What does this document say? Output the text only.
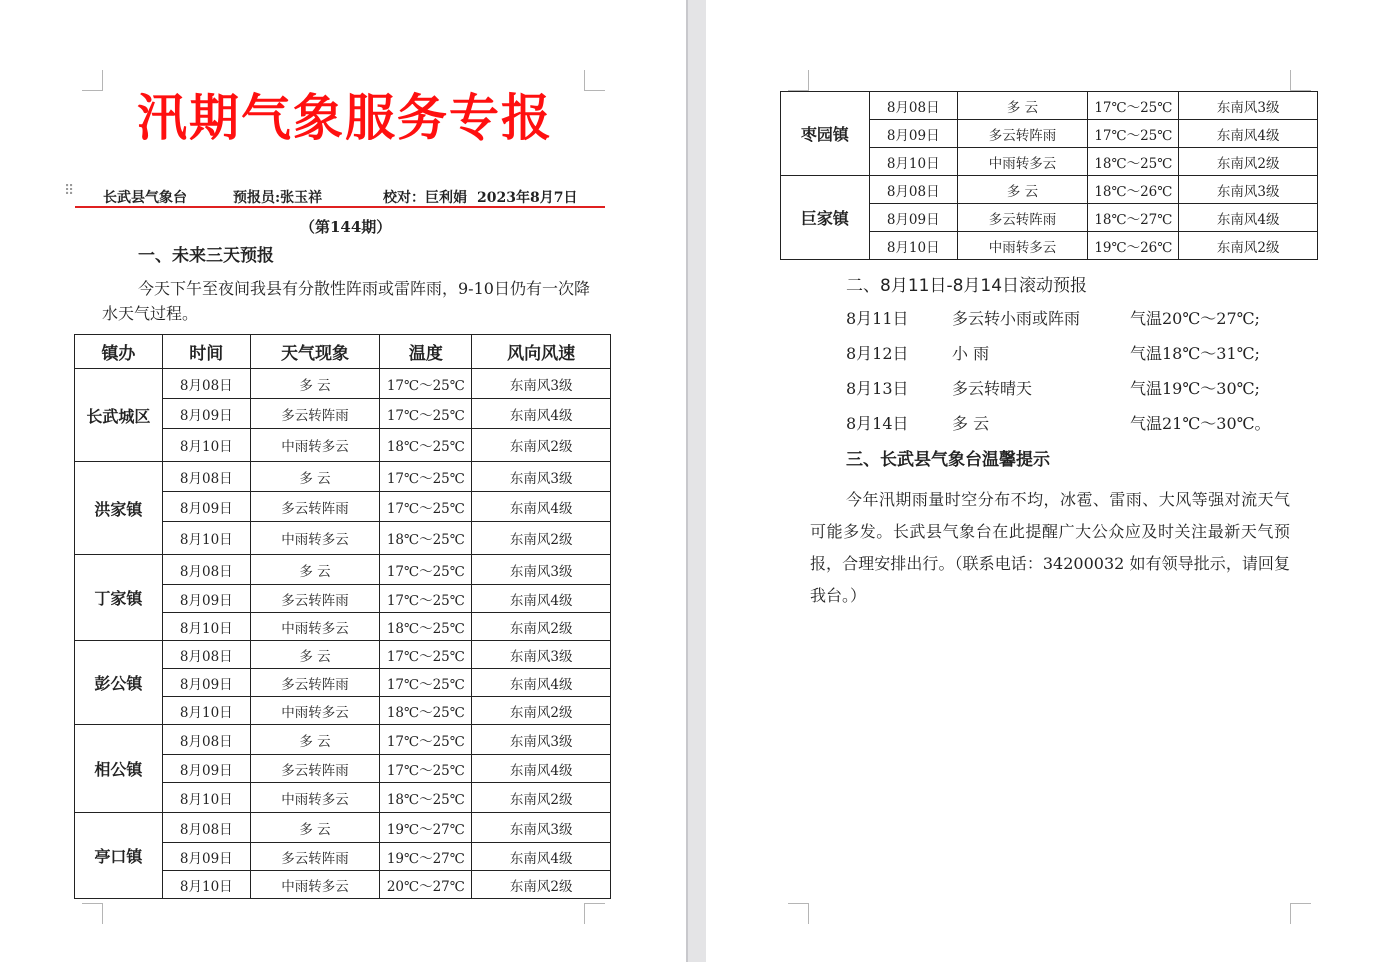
汛期气象服务专报
⠿ 长武县气象台	预报员:张玉祥	校对：巨利娟 2023年8月7日
（第144期）
一、未来三天预报

今天下午至夜间我县有分散性阵雨或雷阵雨，9-10日仍有一次降水天气过程。

镇办	时间	天气现象	温度	风向风速
长武城区	8月08日	多 云	17℃～25℃	东南风3级
	8月09日	多云转阵雨	17℃～25℃	东南风4级
	8月10日	中雨转多云	18℃～25℃	东南风2级
洪家镇	8月08日	多 云	17℃～25℃	东南风3级
	8月09日	多云转阵雨	17℃～25℃	东南风4级
	8月10日	中雨转多云	18℃～25℃	东南风2级
丁家镇	8月08日	多 云	17℃～25℃	东南风3级
	8月09日	多云转阵雨	17℃～25℃	东南风4级
	8月10日	中雨转多云	18℃～25℃	东南风2级
彭公镇	8月08日	多 云	17℃～25℃	东南风3级
	8月09日	多云转阵雨	17℃～25℃	东南风4级
	8月10日	中雨转多云	18℃～25℃	东南风2级
相公镇	8月08日	多 云	17℃～25℃	东南风3级
	8月09日	多云转阵雨	17℃～25℃	东南风4级
	8月10日	中雨转多云	18℃～25℃	东南风2级
亭口镇	8月08日	多 云	19℃～27℃	东南风3级
	8月09日	多云转阵雨	19℃～27℃	东南风4级
	8月10日	中雨转多云	20℃～27℃	东南风2级
枣园镇	8月08日	多 云	17℃～25℃	东南风3级
	8月09日	多云转阵雨	17℃～25℃	东南风4级
	8月10日	中雨转多云	18℃～25℃	东南风2级
巨家镇	8月08日	多 云	18℃～26℃	东南风3级
	8月09日	多云转阵雨	18℃～27℃	东南风4级
	8月10日	中雨转多云	19℃～26℃	东南风2级
二、8月11日-8月14日滚动预报
8月11日	多云转小雨或阵雨	气温20℃～27℃;
8月12日	小 雨	气温18℃～31℃;
8月13日	多云转晴天	气温19℃～30℃;
8月14日	多 云	气温21℃～30℃。
三、长武县气象台温馨提示

今年汛期雨量时空分布不均，冰雹、雷雨、大风等强对流天气可能多发。长武县气象台在此提醒广大公众应及时关注最新天气预报，合理安排出行。（联系电话：34200032 如有领导批示，请回复我台。）
